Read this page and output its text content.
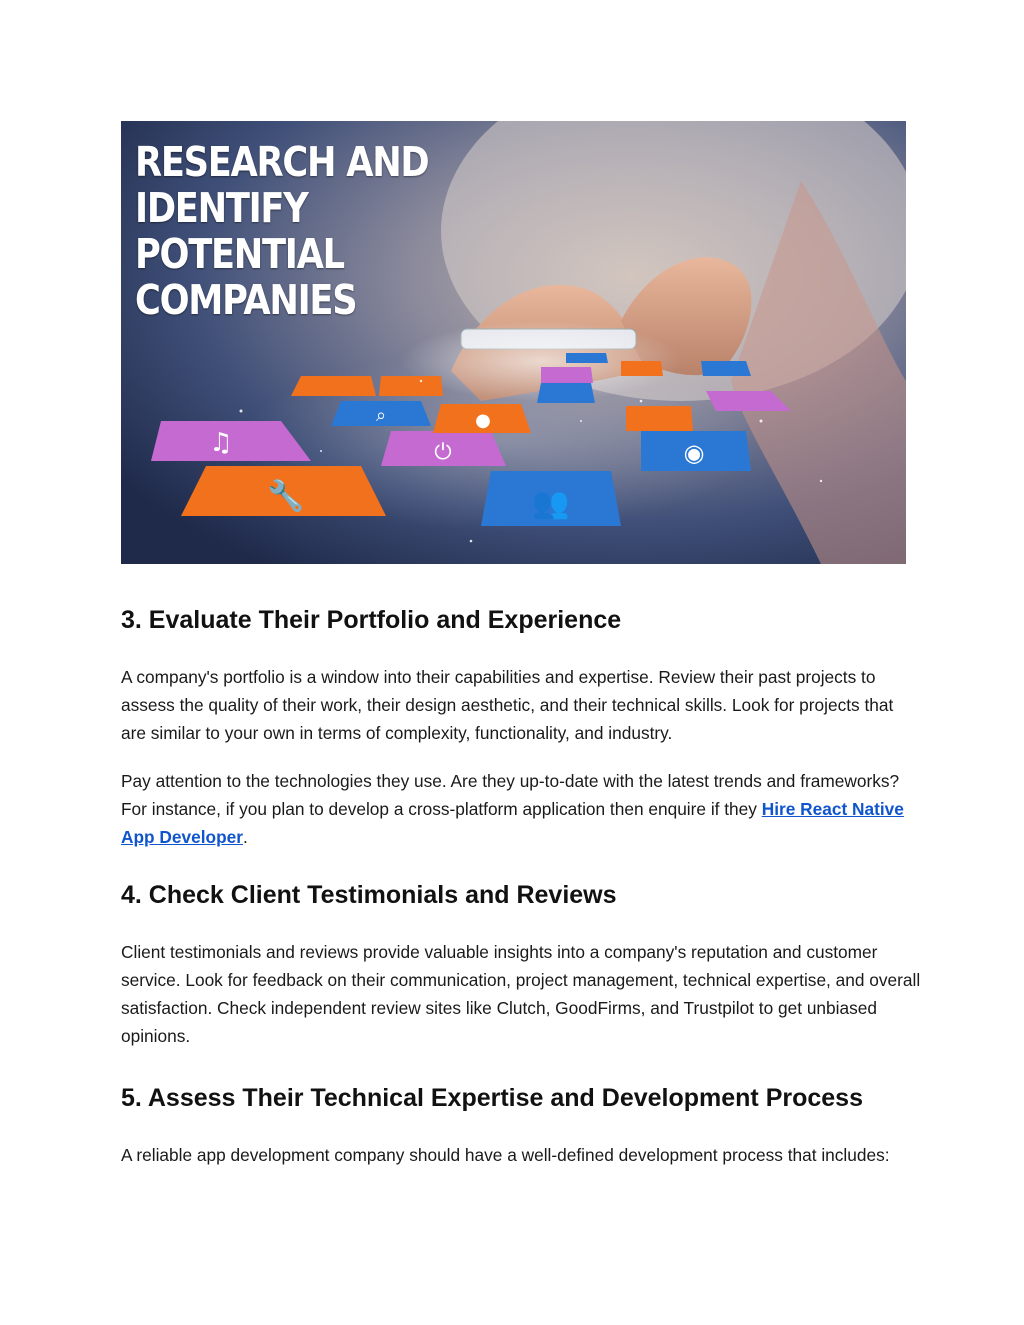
♫
🔧
⏻
👥
⌕	●
◉
RESEARCH AND IDENTIFY
POTENTIAL COMPANIES
3. Evaluate Their Portfolio and Experience

A company's portfolio is a window into their capabilities and expertise. Review their past projects to assess the quality of their work, their design aesthetic, and their technical skills. Look for projects that are similar to your own in terms of complexity, functionality, and industry.

Pay attention to the technologies they use. Are they up-to-date with the latest trends and frameworks? For instance, if you plan to develop a cross-platform application then enquire if they Hire React Native App Developer.

4. Check Client Testimonials and Reviews

Client testimonials and reviews provide valuable insights into a company's reputation and customer service. Look for feedback on their communication, project management, technical expertise, and overall satisfaction. Check independent review sites like Clutch, GoodFirms, and Trustpilot to get unbiased opinions.

5. Assess Their Technical Expertise and Development Process

A reliable app development company should have a well-defined development process that includes:
